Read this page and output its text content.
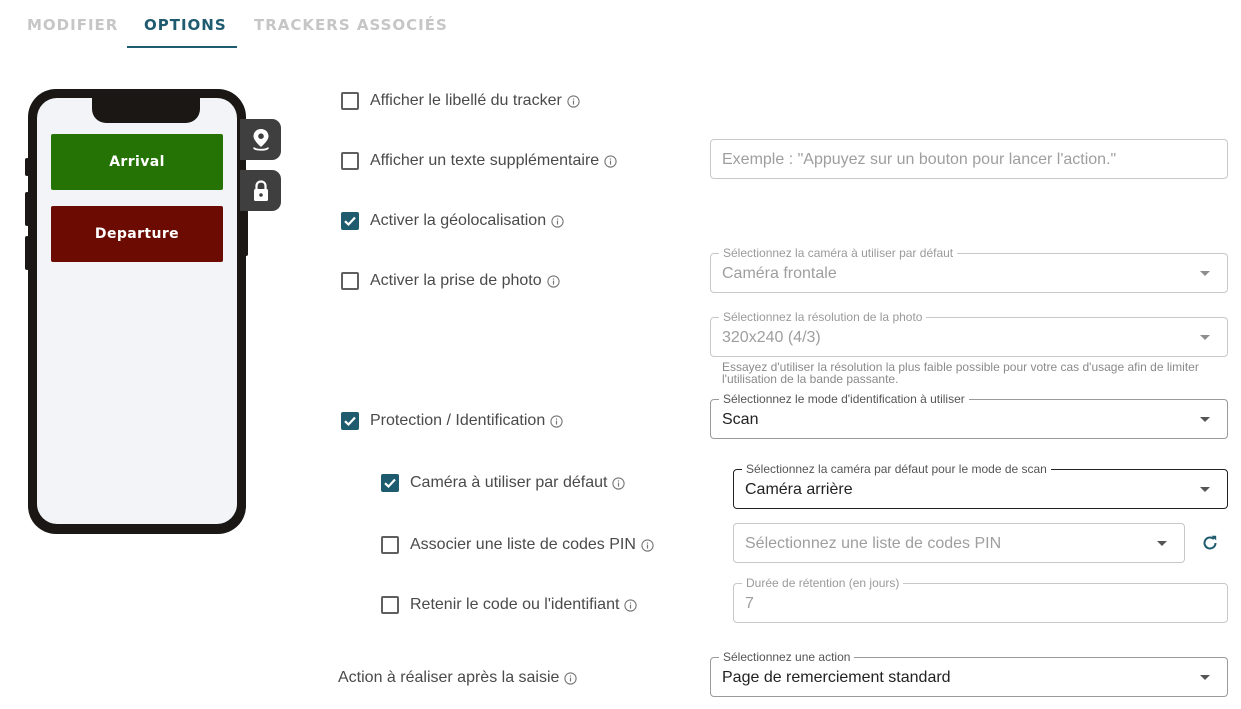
MODIFIER OPTIONS TRACKERS ASSOCIÉS
Arrival
Departure
Afficher le libellé du tracker
Afficher un texte supplémentaire	Exemple : "Appuyez sur un bouton pour lancer l'action."
Activer la géolocalisation
Activer la prise de photo
Sélectionnez la caméra à utiliser par défaut
Caméra frontale
Sélectionnez la résolution de la photo
320x240 (4/3)
Essayez d'utiliser la résolution la plus faible possible pour votre cas d'usage afin de limiter l'utilisation de la bande passante.
Protection / Identification
Sélectionnez le mode d'identification à utiliser
Scan
Caméra à utiliser par défaut
Sélectionnez la caméra par défaut pour le mode de scan
Caméra arrière
Associer une liste de codes PIN	Sélectionnez une liste de codes PIN
Retenir le code ou l'identifiant
Durée de rétention (en jours)
7
Action à réaliser après la saisie
Sélectionnez une action
Page de remerciement standard
